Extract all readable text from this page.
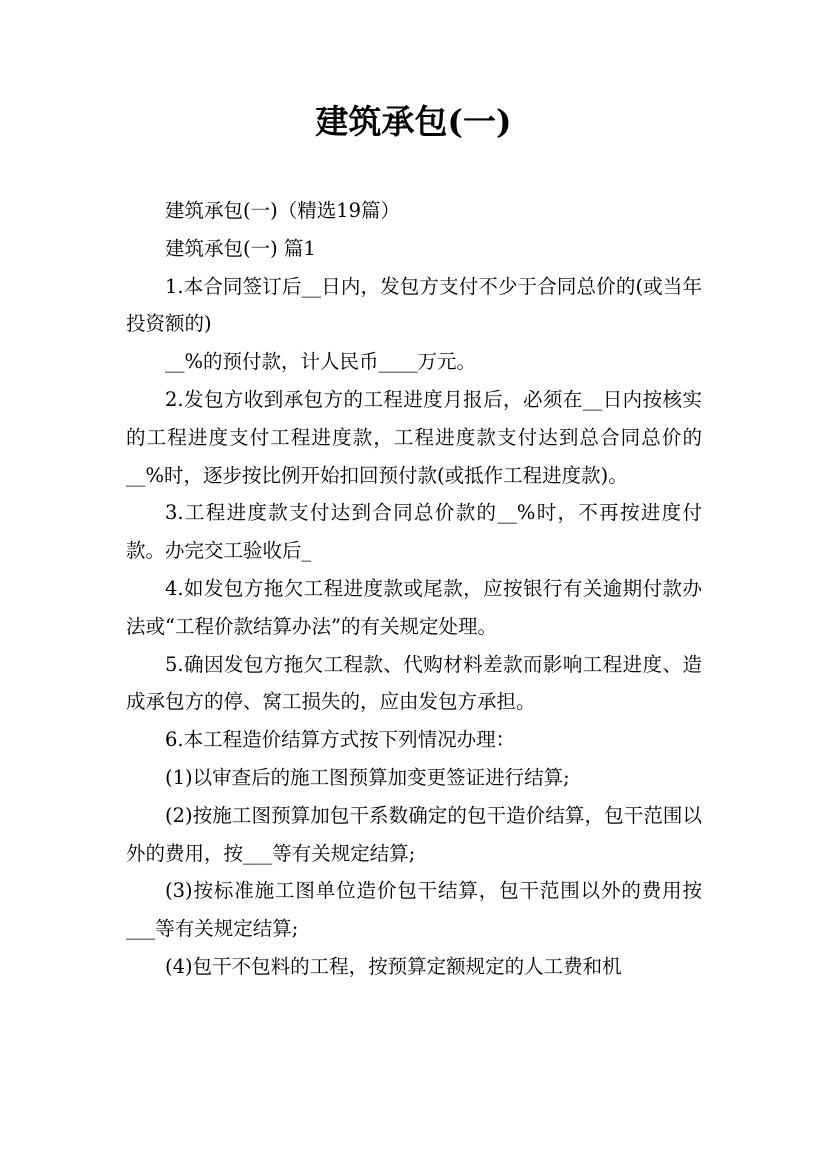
建筑承包(一)

建筑承包(一)（精选19篇）

建筑承包(一) 篇1

1.本合同签订后__日内，发包方支付不少于合同总价的(或当年投资额的)

__%的预付款，计人民币____万元。

2.发包方收到承包方的工程进度月报后，必须在__日内按核实的工程进度支付工程进度款，工程进度款支付达到总合同总价的__%时，逐步按比例开始扣回预付款(或抵作工程进度款)。

3.工程进度款支付达到合同总价款的__%时，不再按进度付款。办完交工验收后_

4.如发包方拖欠工程进度款或尾款，应按银行有关逾期付款办法或“工程价款结算办法”的有关规定处理。

5.确因发包方拖欠工程款、代购材料差款而影响工程进度、造成承包方的停、窝工损失的，应由发包方承担。

6.本工程造价结算方式按下列情况办理：

(1)以审查后的施工图预算加变更签证进行结算;

(2)按施工图预算加包干系数确定的包干造价结算，包干范围以外的费用，按___等有关规定结算;

(3)按标准施工图单位造价包干结算，包干范围以外的费用按___等有关规定结算;

(4)包干不包料的工程，按预算定额规定的人工费和机
